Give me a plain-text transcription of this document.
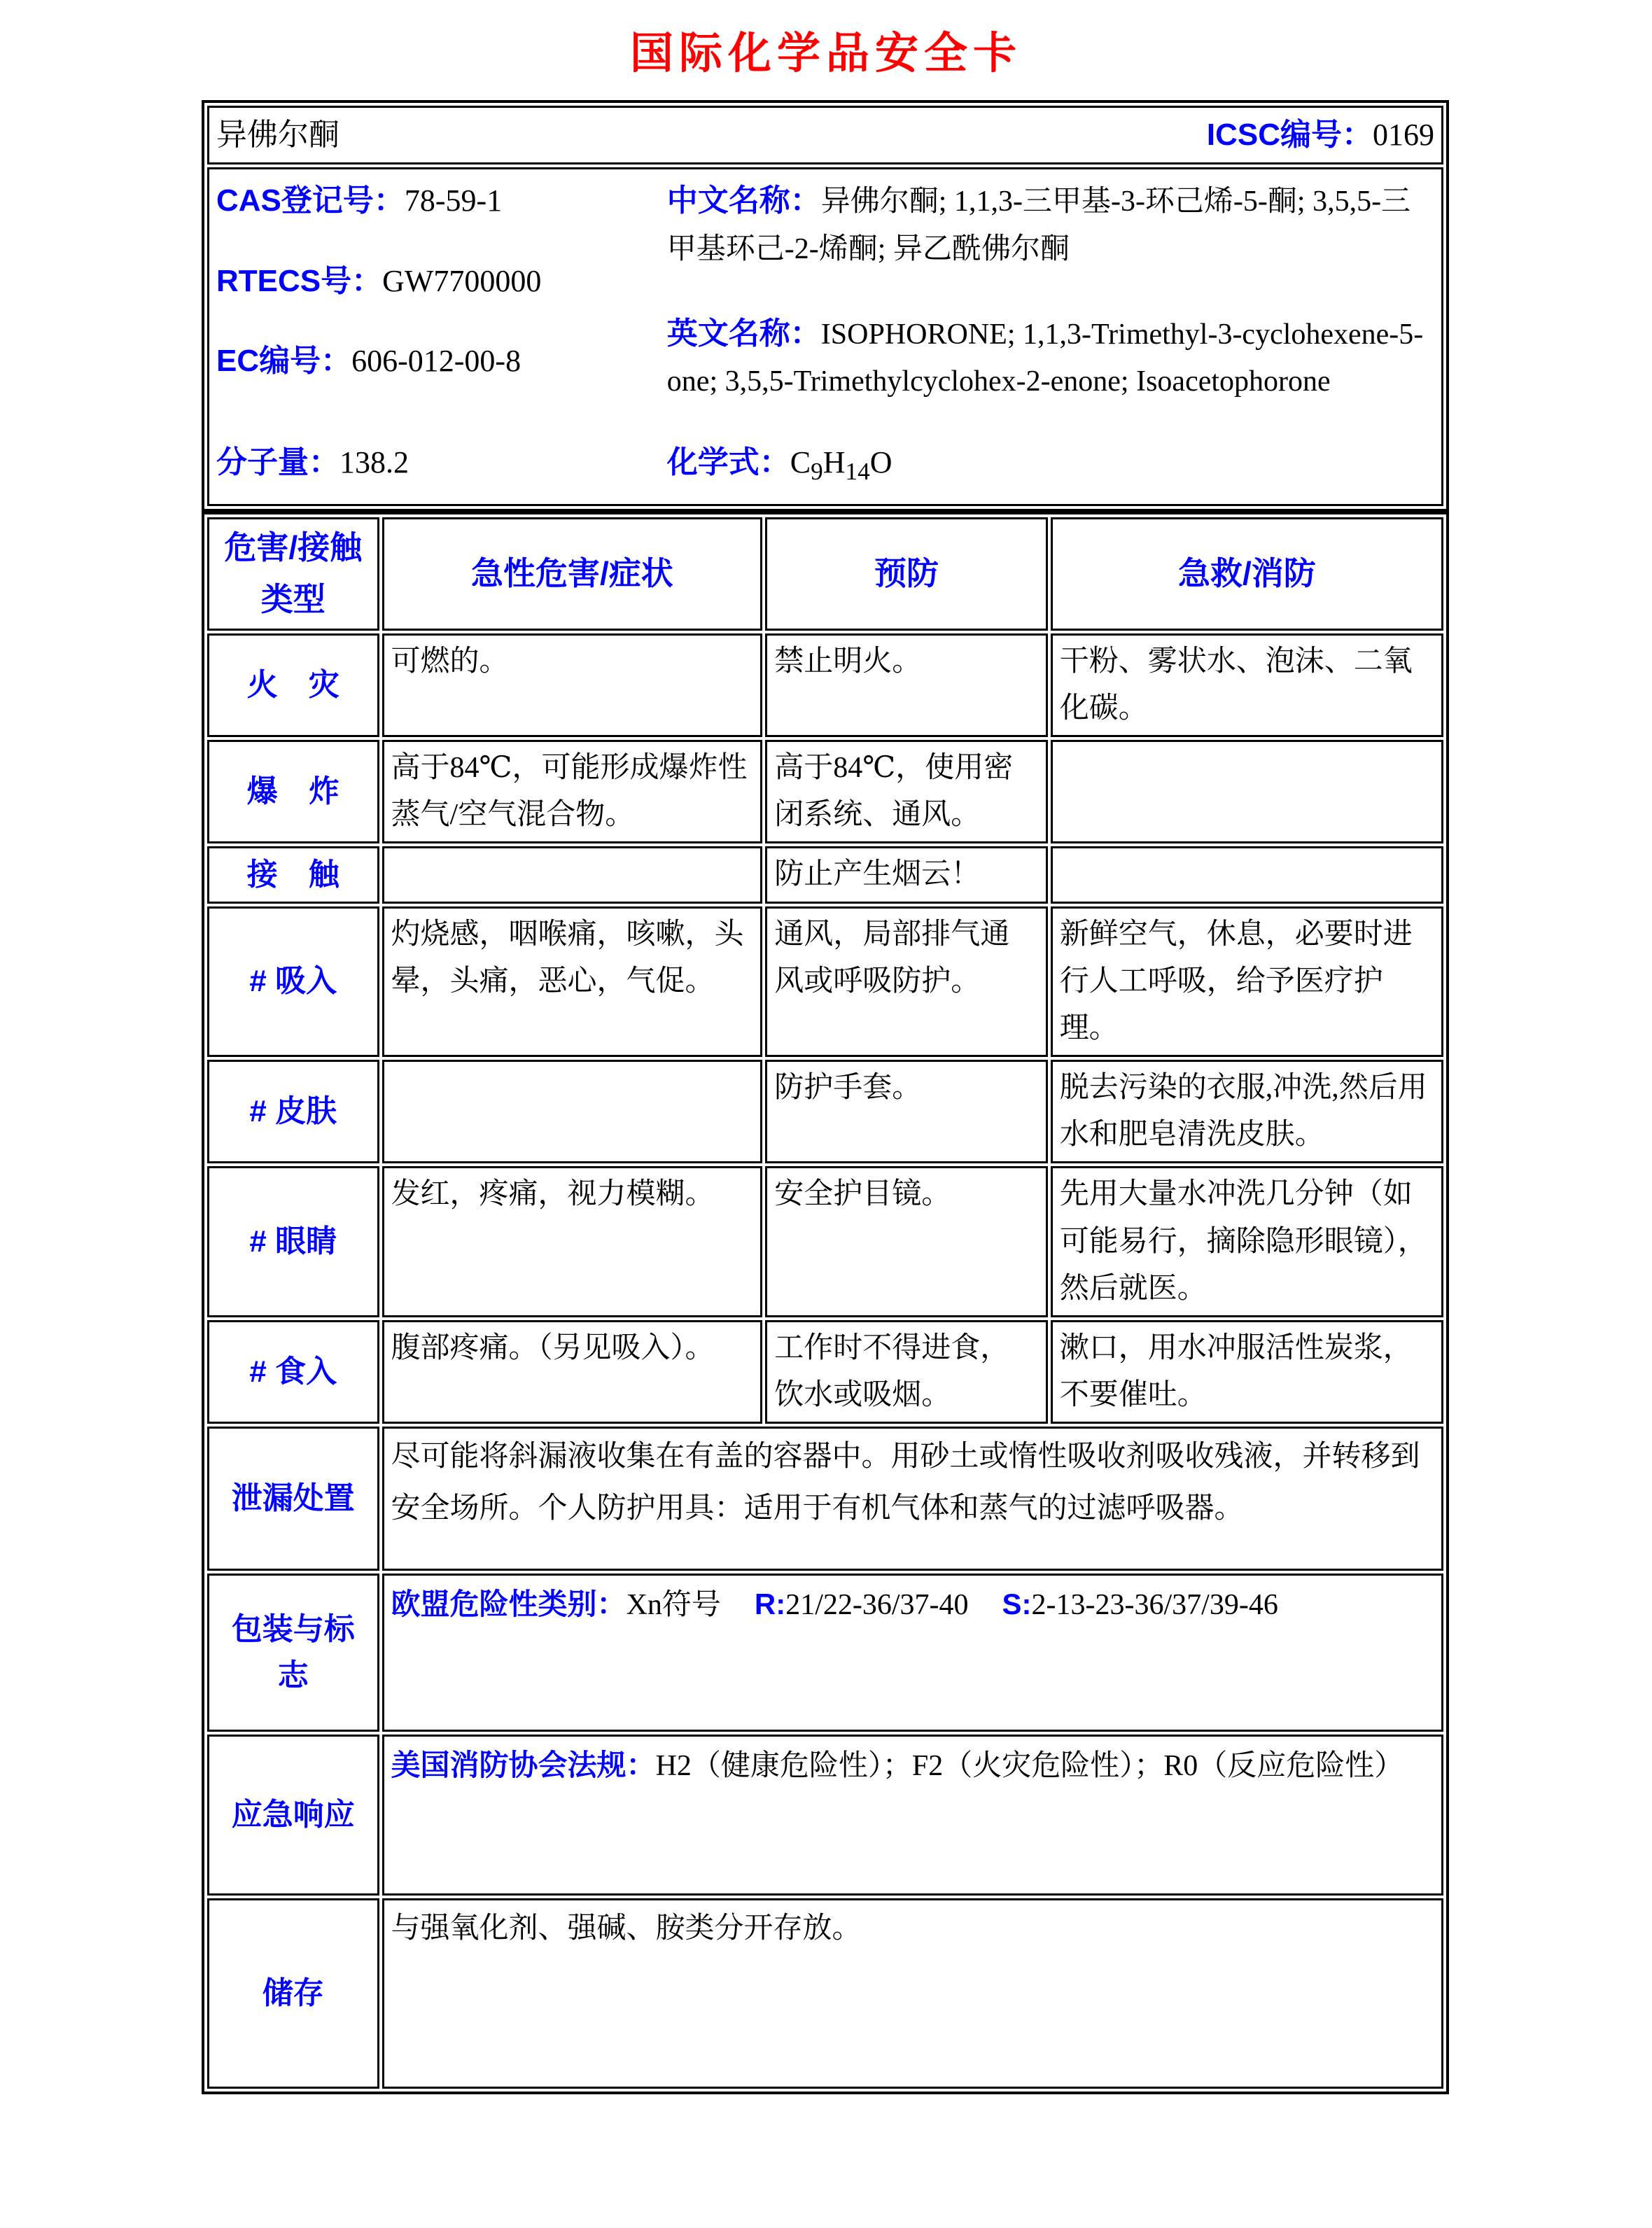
国际化学品安全卡
异佛尔酮	ICSC编号：0169

CAS登记号：78-59-1
RTECS号：GW7700000
EC编号：606-012-00-8

中文名称：异佛尔酮; 1,1,3-三甲基-3-环己烯-5-酮; 3,5,5-三甲基环己-2-烯酮; 异乙酰佛尔酮

英文名称：ISOPHORONE; 1,1,3-Trimethyl-3-cyclohexene-5-one; 3,5,5-Trimethylcyclohex-2-enone; Isoacetophorone

分子量：138.2	化学式：$C_9H_{14}O$
危害/接触类型	急性危害/症状	预防	急救/消防
火　灾	可燃的。	禁止明火。	干粉、雾状水、泡沫、二氧化碳。
爆　炸	高于84℃，可能形成爆炸性蒸气/空气混合物。	高于84℃，使用密闭系统、通风。	
接　触		防止产生烟云！	
# 吸入	灼烧感，咽喉痛，咳嗽，头晕，头痛，恶心，气促。	通风，局部排气通风或呼吸防护。	新鲜空气，休息，必要时进行人工呼吸，给予医疗护理。
# 皮肤		防护手套。	脱去污染的衣服,冲洗,然后用水和肥皂清洗皮肤。
# 眼睛	发红，疼痛，视力模糊。	安全护目镜。	先用大量水冲洗几分钟（如可能易行，摘除隐形眼镜），然后就医。
# 食入	腹部疼痛。（另见吸入）。	工作时不得进食，饮水或吸烟。	漱口，用水冲服活性炭浆，不要催吐。
泄漏处置	尽可能将斜漏液收集在有盖的容器中。用砂土或惰性吸收剂吸收残液，并转移到安全场所。个人防护用具：适用于有机气体和蒸气的过滤呼吸器。		
包装与标志	欧盟危险性类别：Xn符号 R:21/22-36/37-40 S:2-13-23-36/37/39-46		
应急响应	美国消防协会法规：H2（健康危险性）；F2（火灾危险性）；R0（反应危险性）		
储存	与强氧化剂、强碱、胺类分开存放。		
